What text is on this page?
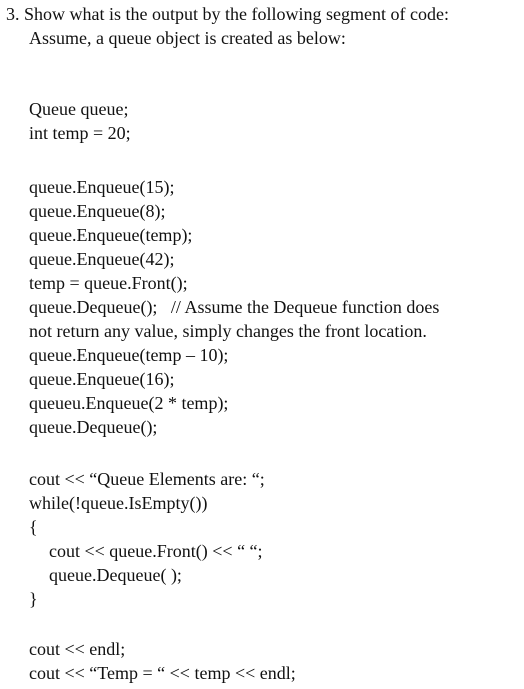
3. Show what is the output by the following segment of code:
Assume, a queue object is created as below:
Queue queue;
int temp = 20;
queue.Enqueue(15);
queue.Enqueue(8);
queue.Enqueue(temp);
queue.Enqueue(42);
temp = queue.Front();
queue.Dequeue();   // Assume the Dequeue function does
not return any value, simply changes the front location.
queue.Enqueue(temp – 10);
queue.Enqueue(16);
queueu.Enqueue(2 * temp);
queue.Dequeue();
cout << “Queue Elements are: “;
while(!queue.IsEmpty())
{
cout << queue.Front() << “ “;
queue.Dequeue( );
}
cout << endl;
cout << “Temp = “ << temp << endl;
